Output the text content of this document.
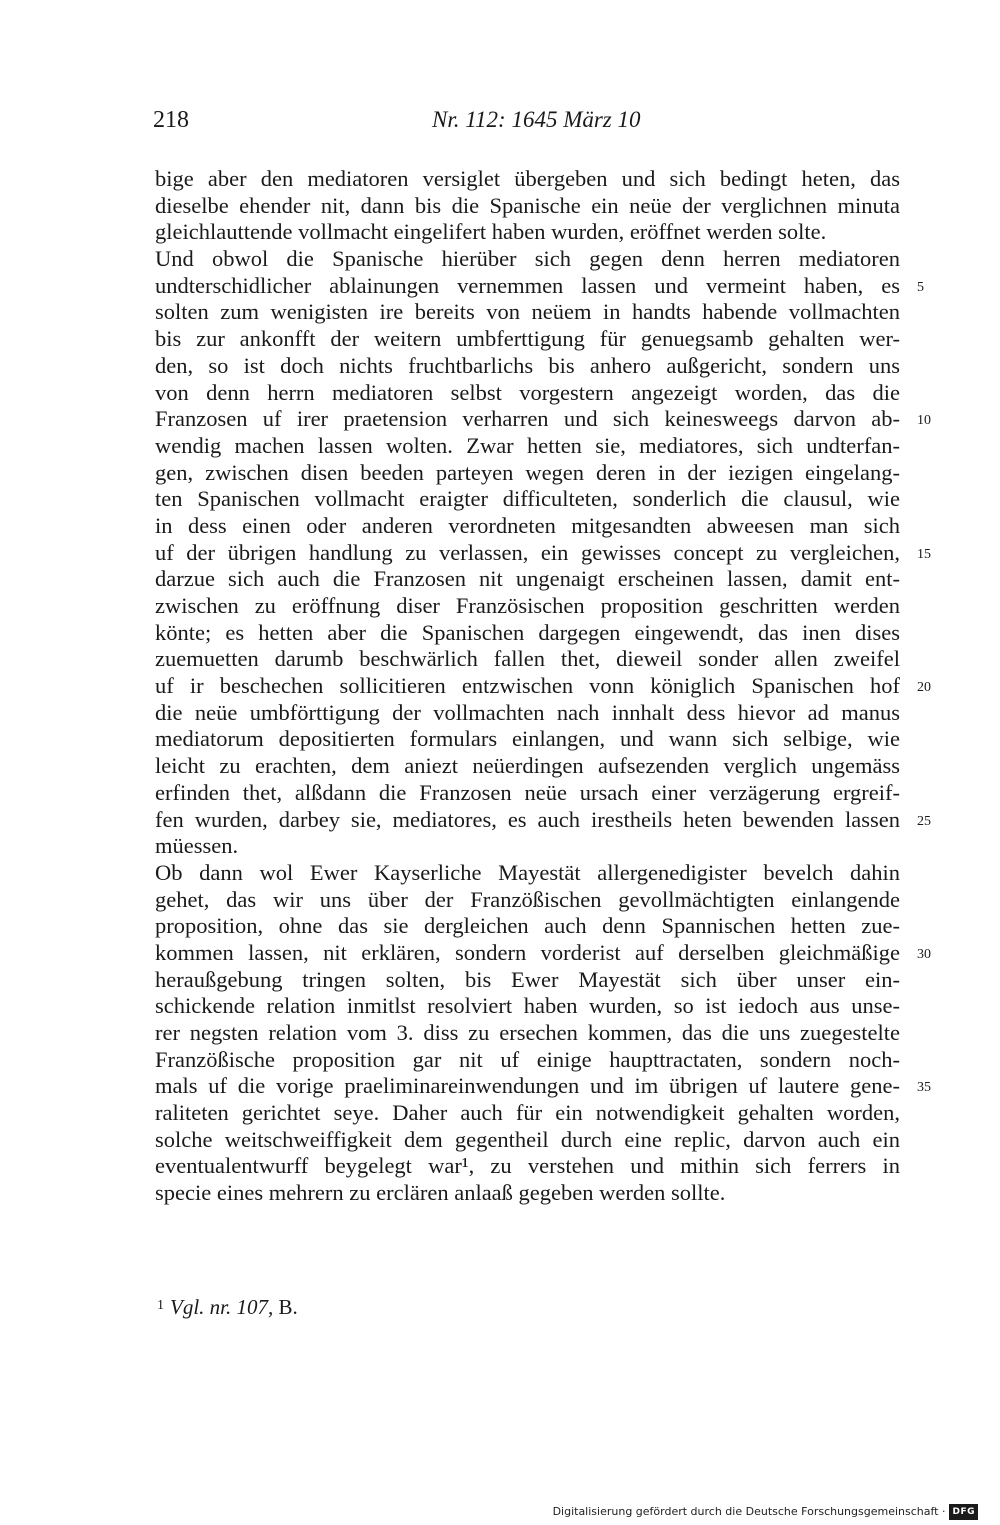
218	Nr. 112: 1645 März 10
bige aber den mediatoren versiglet übergeben und sich bedingt heten, das
dieselbe ehender nit, dann bis die Spanische ein neüe der verglichnen minuta
gleichlauttende vollmacht eingelifert haben wurden, eröffnet werden solte.
Und obwol die Spanische hierüber sich gegen denn herren mediatoren
undterschidlicher ablainungen vernemmen lassen und vermeint haben, es 5
solten zum wenigisten ire bereits von neüem in handts habende vollmachten
bis zur ankonfft der weitern umbferttigung für genuegsamb gehalten wer-
den, so ist doch nichts fruchtbarlichs bis anhero außgericht, sondern uns
von denn herrn mediatoren selbst vorgestern angezeigt worden, das die
Franzosen uf irer praetension verharren und sich keinesweegs darvon ab- 10
wendig machen lassen wolten. Zwar hetten sie, mediatores, sich undterfan-
gen, zwischen disen beeden parteyen wegen deren in der iezigen eingelang-
ten Spanischen vollmacht eraigter difficulteten, sonderlich die clausul, wie
in dess einen oder anderen verordneten mitgesandten abweesen man sich
uf der übrigen handlung zu verlassen, ein gewisses concept zu vergleichen, 15
darzue sich auch die Franzosen nit ungenaigt erscheinen lassen, damit ent-
zwischen zu eröffnung diser Französischen proposition geschritten werden
könte; es hetten aber die Spanischen dargegen eingewendt, das inen dises
zuemuetten darumb beschwärlich fallen thet, dieweil sonder allen zweifel
uf ir beschechen sollicitieren entzwischen vonn königlich Spanischen hof 20
die neüe umbförttigung der vollmachten nach innhalt dess hievor ad manus
mediatorum depositierten formulars einlangen, und wann sich selbige, wie
leicht zu erachten, dem aniezt neüerdingen aufsezenden verglich ungemäss
erfinden thet, alßdann die Franzosen neüe ursach einer verzägerung ergreif-
fen wurden, darbey sie, mediatores, es auch irestheils heten bewenden lassen 25
müessen.
Ob dann wol Ewer Kayserliche Mayestät allergenedigister bevelch dahin
gehet, das wir uns über der Franzößischen gevollmächtigten einlangende
proposition, ohne das sie dergleichen auch denn Spannischen hetten zue-
kommen lassen, nit erklären, sondern vorderist auf derselben gleichmäßige 30
heraußgebung tringen solten, bis Ewer Mayestät sich über unser ein-
schickende relation inmitlst resolviert haben wurden, so ist iedoch aus unse-
rer negsten relation vom 3. diss zu ersechen kommen, das die uns zuegestelte
Franzößische proposition gar nit uf einige haupttractaten, sondern noch-
mals uf die vorige praeliminareinwendungen und im übrigen uf lautere gene- 35
raliteten gerichtet seye. Daher auch für ein notwendigkeit gehalten worden,
solche weitschweiffigkeit dem gegentheil durch eine replic, darvon auch ein
eventualentwurff beygelegt war¹, zu verstehen und mithin sich ferrers in
specie eines mehrern zu erclären anlaaß gegeben werden sollte.
$^1$ Vgl. nr. 107, B.
Digitalisierung gefördert durch die Deutsche Forschungsgemeinschaft · DFG
